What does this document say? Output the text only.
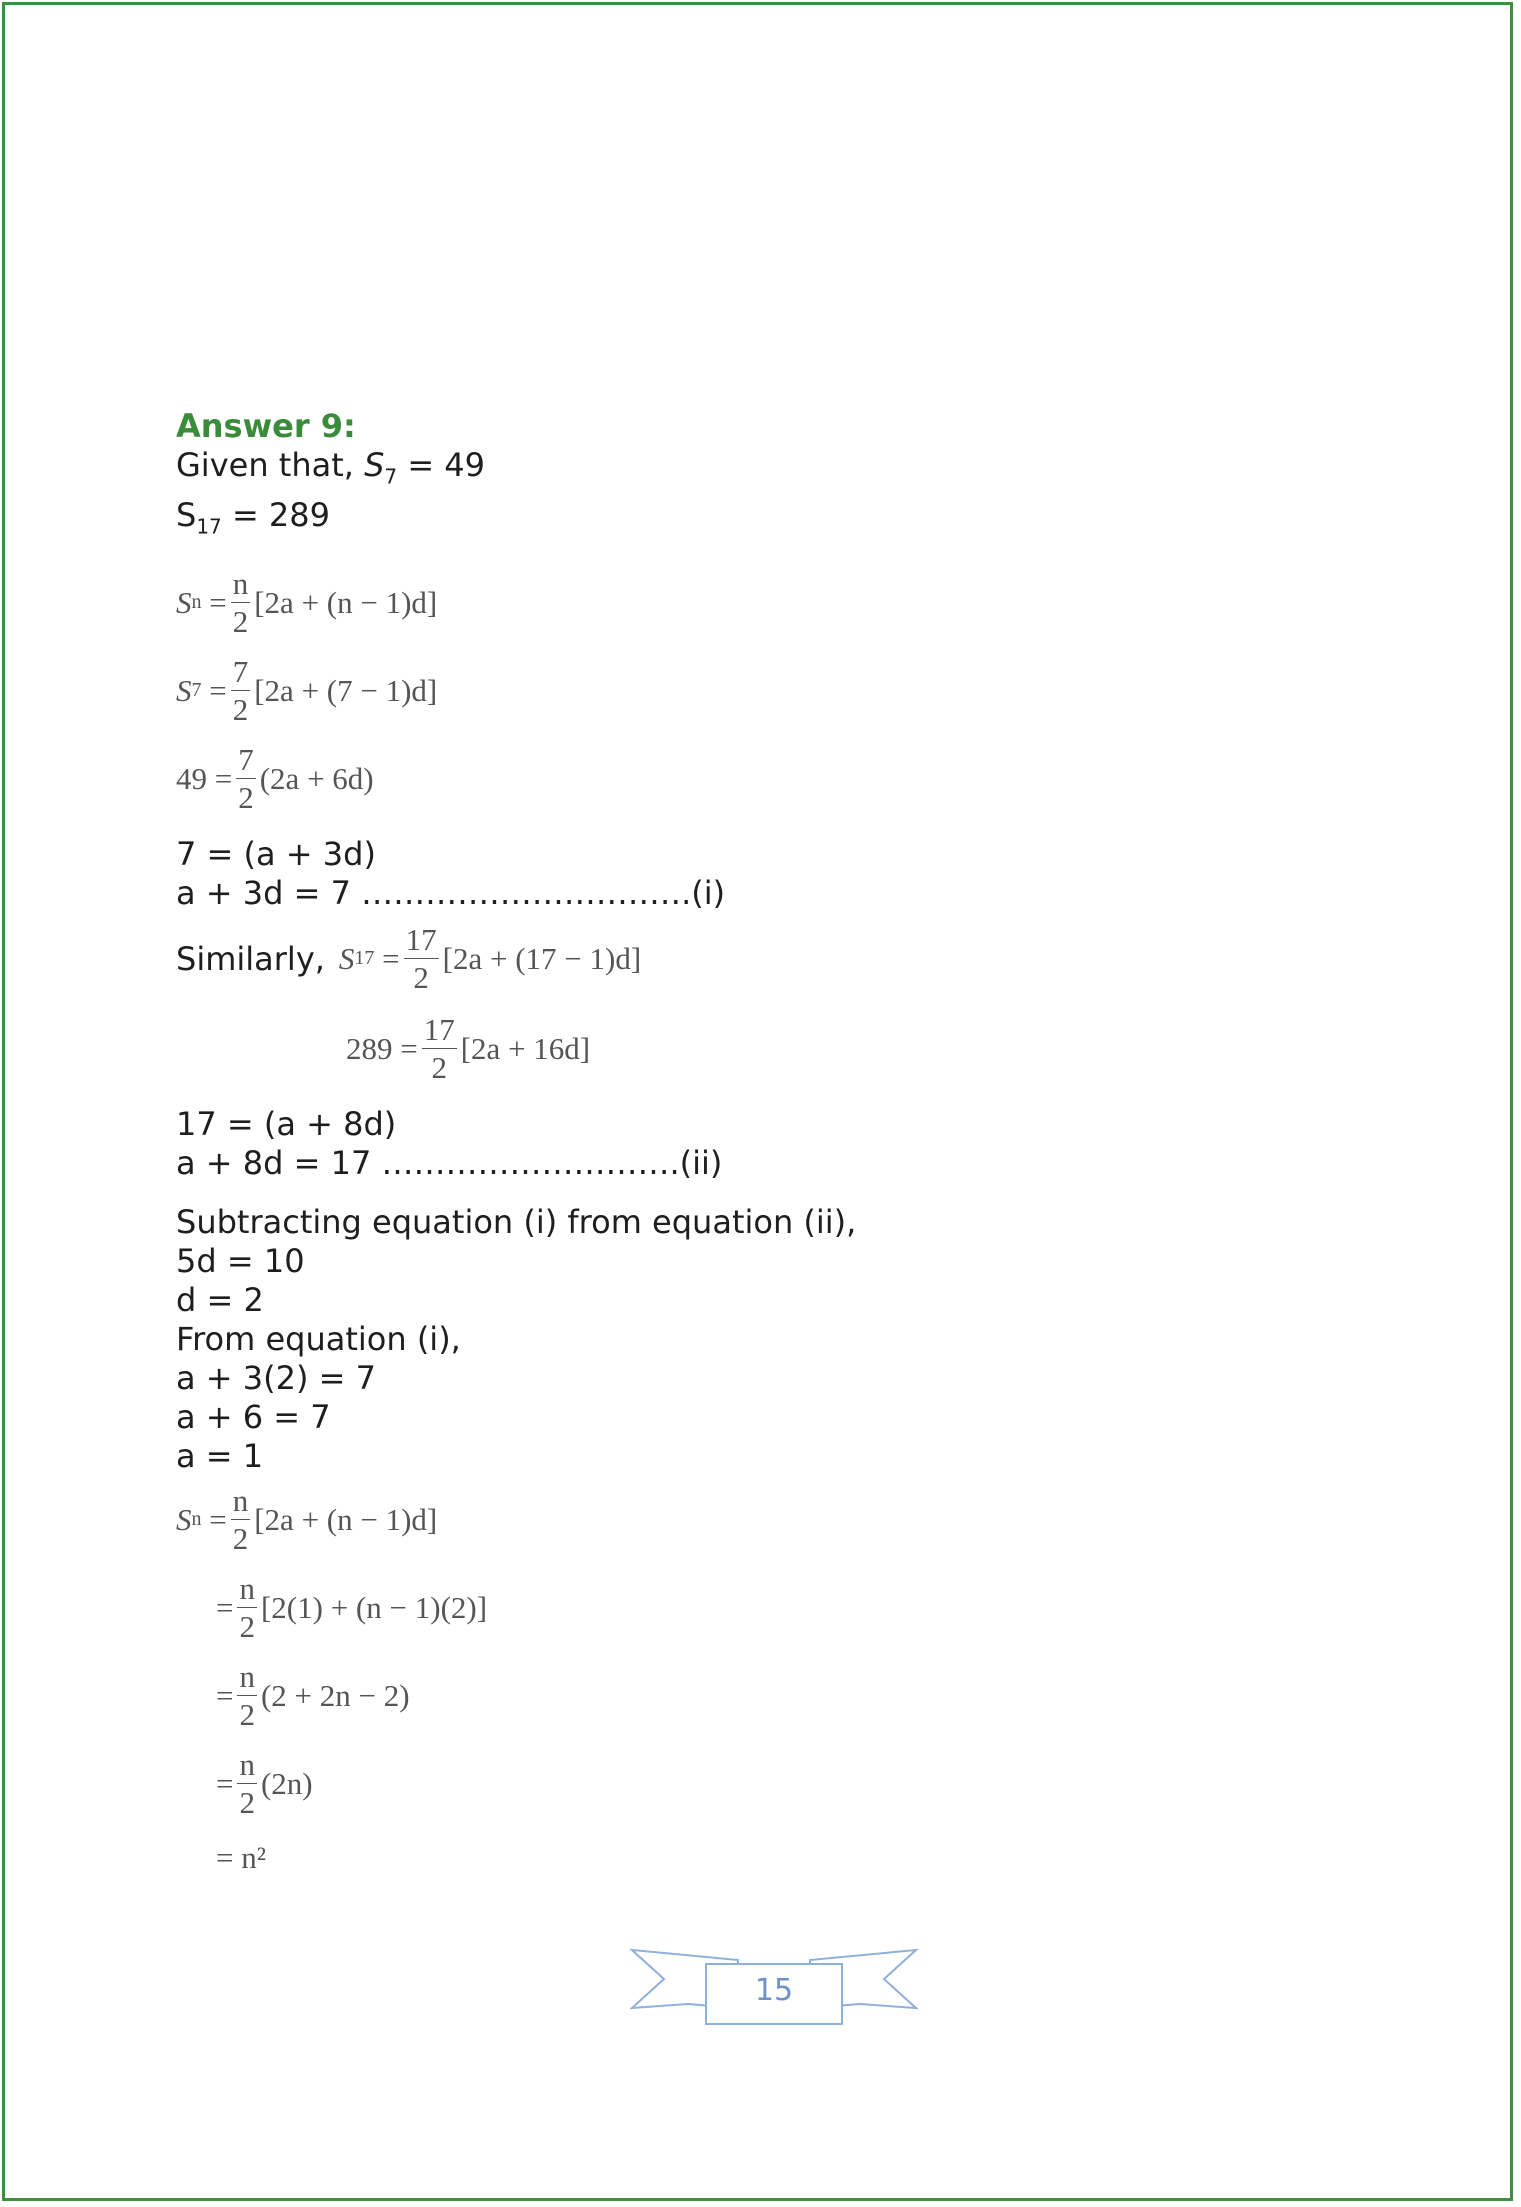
Answer 9:
Given that, $S_7 = 49$
$S_{17} = 289$
S $n = \frac{n}{2} [2a + (n - 1)d]$
S $7 = \frac{7}{2} [2a + (7 - 1)d]$
$49 = \frac{7}{2} (2a + 6d)$
7 = (a + 3d)
a + 3d = 7 ………………………….(i)
Similarly, S $17 = \frac{17}{2} [2a + (17 - 1)d]$
$289 = \frac{17}{2} [2a + 16d]$
17 = (a + 8d)
a + 8d = 17 ……………………….(ii)
Subtracting equation (i) from equation (ii),
5d = 10
d = 2
From equation (i),
a + 3(2) = 7
a + 6 = 7
a = 1
S $n = \frac{n}{2} [2a + (n - 1)d]$
= $\frac{n}{2} [2(1) + (n - 1)(2)]$
= $\frac{n}{2} (2 + 2n - 2)$
= $\frac{n}{2} (2n)$
= n²
15
